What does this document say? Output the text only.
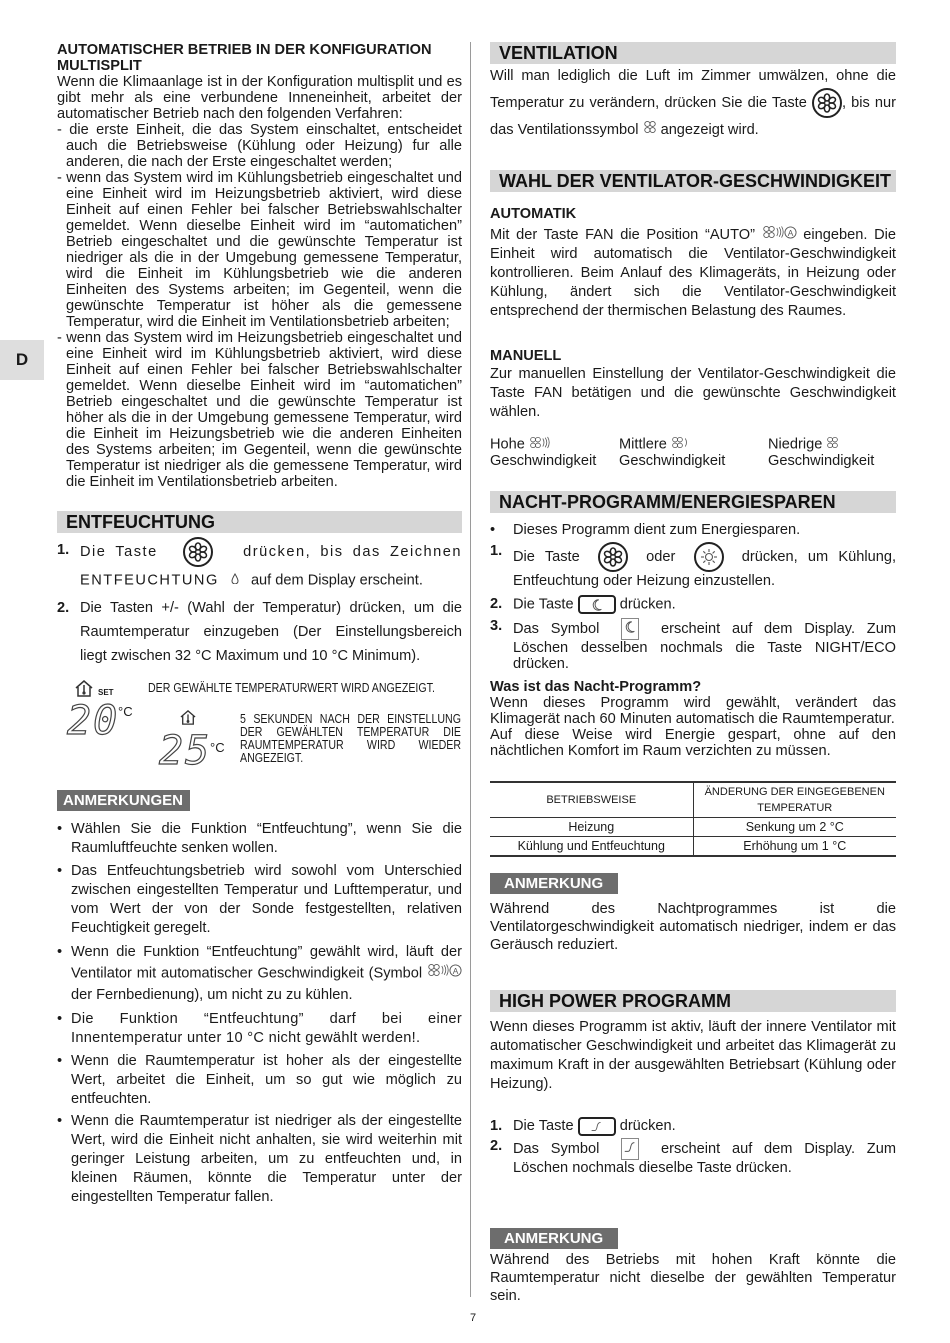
D
AUTOMATISCHER BETRIEB IN DER KONFIGURATION MULTISPLIT

Wenn die Klimaanlage ist in der Konfiguration multisplit und es gibt mehr als eine verbundene Inneneinheit, arbeitet der automatischer Betrieb nach den folgenden Verfahren:

- die erste Einheit, die das System einschaltet, entscheidet auch die Betriebsweise (Kühlung oder Heizung) fur alle anderen, die nach der Erste eingeschaltet werden;
- wenn das System wird im Kühlungsbetrieb eingeschaltet und eine Einheit wird im Heizungsbetrieb aktiviert, wird diese Einheit auf einen Fehler bei falscher Betriebswahlschalter gemeldet. Wenn dieselbe Einheit wird im “automatichen” Betrieb eingeschaltet und die gewünschte Temperatur ist niedriger als die in der Umgebung gemessene Temperatur, wird die Einheit im Kühlungsbetrieb wie die anderen Einheiten des Systems arbeiten; im Gegenteil, wenn die gewünschte Temperatur ist höher als die gemessene Temperatur, wird die Einheit im Ventilationsbetrieb arbeiten;
- wenn das System wird im Heizungsbetrieb eingeschaltet und eine Einheit wird im Kühlungsbetrieb aktiviert, wird diese Einheit auf einen Fehler bei falscher Betriebswahlschalter gemeldet. Wenn dieselbe Einheit wird im “automatichen” Betrieb eingeschaltet und die gewünschte Temperatur ist höher als die in der Umgebung gemessene Temperatur, wird die Einheit im Heizungsbetrieb wie die anderen Einheiten des Systems arbeiten; im Gegenteil, wenn die gewünschte Temperatur ist niedriger als die gemessene Temperatur, wird die Einheit im Ventilationsbetrieb arbeiten.
ENTFEUCHTUNG
1. Die Taste	drücken, bis das Zeichnen ENTFEUCHTUNG auf dem Display erscheint.
2. Die Tasten +/- (Wahl der Temperatur) drücken, um die Raumtemperatur einzugeben (Der Einstellungsbereich liegt zwischen 32 °C Maximum und 10 °C Minimum).
SET
20
°C
DER GEWÄHLTE TEMPERATURWERT WIRD ANGEZEIGT.
25
°C
5 SEKUNDEN NACH DER EINSTELLUNG DER GEWÄHLTEN TEMPERATUR DIE RAUMTEMPERATUR WIRD WIEDER ANGEZEIGT.
ANMERKUNGEN
• Wählen Sie die Funktion “Entfeuchtung”, wenn Sie die Raumluftfeuchte senken wollen.
• Das Entfeuchtungsbetrieb wird sowohl vom Unterschied zwischen eingestellten Temperatur und Lufttemperatur, und vom Wert der von der Sonde festgestellten, relativen Feuchtigkeit geregelt.
• Wenn die Funktion “Entfeuchtung” gewählt wird, läuft der Ventilator mit automatischer Geschwindigkeit (Symbol	A
der Fernbedienung), um nicht zu zu kühlen.
• Die Funktion “Entfeuchtung” darf bei einer Innentemperatur unter 10 °C nicht gewählt werden!.
• Wenn die Raumtemperatur ist hoher als der eingestellte Wert, arbeitet die Einheit, um so gut wie möglich zu entfeuchten.
• Wenn die Raumtemperatur ist niedriger als der eingestellte Wert, wird die Einheit nicht anhalten, sie wird weiterhin mit geringer Leistung arbeiten, um zu entfeuchten und, in kleinen Räumen, könnte die Temperatur unter der eingestellten Temperatur fallen.
VENTILATION

Will man lediglich die Luft im Zimmer umwälzen, ohne die Temperatur zu verändern, drücken Sie die Taste , bis nur das Ventilationssymbol angezeigt wird.

WAHL DER VENTILATOR-GESCHWINDIGKEIT
AUTOMATIK

Mit der Taste FAN die Position “AUTO”	A eingeben. Die Einheit wird automatisch die Ventilator-Geschwindigkeit kontrollieren. Beim Anlauf des Klimageräts, in Heizung oder Kühlung, ändert sich die Ventilator-Geschwindigkeit entsprechend der thermischen Belastung des Raumes.

MANUELL

Zur manuellen Einstellung der Ventilator-Geschwindigkeit die Taste FAN betätigen und die gewünschte Geschwindigkeit wählen.

Hohe
Geschwindigkeit
Mittlere
Geschwindigkeit
Niedrige
Geschwindigkeit
NACHT-PROGRAMM/ENERGIESPAREN
• Dieses Programm dient zum Energiesparen.
1. Die Taste	oder	drücken, um Kühlung, Entfeuchtung oder Heizung einzustellen.
2. Die Taste	drücken.
3. Das Symbol	erscheint auf dem Display. Zum Löschen desselben nochmals die Taste NIGHT/ECO drücken.
Was ist das Nacht-Programm?

Wenn dieses Programm wird gewählt, verändert das Klimagerät nach 60 Minuten automatisch die Raumtemperatur.

Auf diese Weise wird Energie gespart, ohne auf den nächtlichen Komfort im Raum verzichten zu müssen.

BETRIEBSWEISE	ÄNDERUNG DER EINGEGEBENEN TEMPERATUR
Heizung	Senkung um 2 °C
Kühlung und Entfeuchtung	Erhöhung um 1 °C
ANMERKUNG

Während des Nachtprogrammes ist die Ventilatorgeschwindigkeit automatisch niedriger, indem er das Geräusch reduziert.

HIGH POWER PROGRAMM

Wenn dieses Programm ist aktiv, läuft der innere Ventilator mit automatischer Geschwindigkeit und arbeitet das Klimagerät zu maximum Kraft in der ausgewählten Betriebsart (Kühlung oder Heizung).

1. Die Taste	drücken.
2. Das Symbol	erscheint auf dem Display. Zum Löschen nochmals dieselbe Taste drücken.
ANMERKUNG

Während des Betriebs mit hohen Kraft könnte die Raumtemperatur nicht dieselbe der gewählten Temperatur sein.

7
